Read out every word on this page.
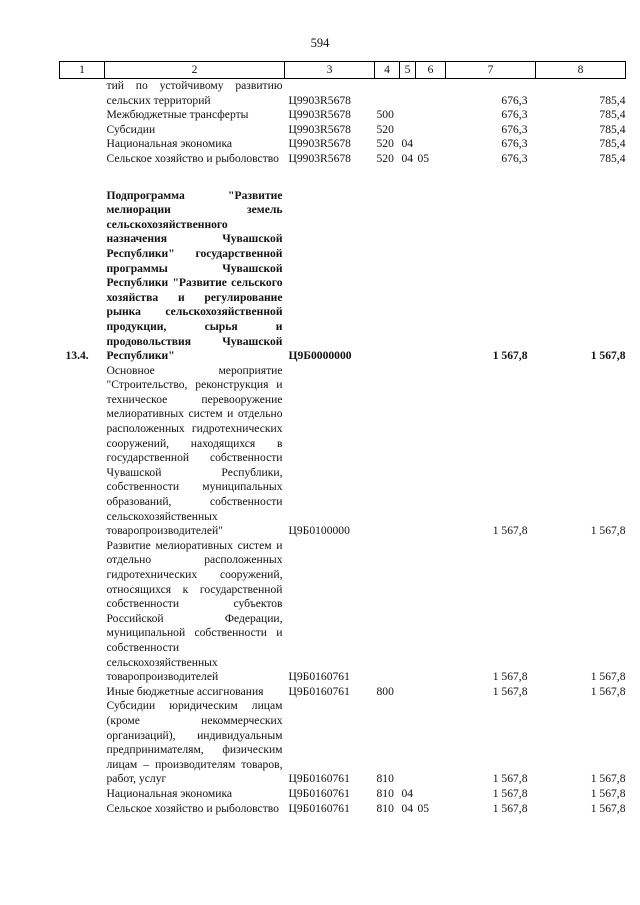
594
1	2	3	4	5	6	7	8
	тий по устойчивому развитию сельских территорий	Ц9903R5678				676,3	785,4
	Межбюджетные трансферты	Ц9903R5678	500			676,3	785,4
	Субсидии	Ц9903R5678	520			676,3	785,4
	Национальная экономика	Ц9903R5678	520	04		676,3	785,4
	Сельское хозяйство и рыболовство	Ц9903R5678	520	04	05	676,3	785,4

13.4.	Подпрограмма "Развитие мелиорации земель сельскохозяйственного назначения Чувашской Республики" государственной программы Чувашской Республики "Развитие сельского хозяйства и регулирование рынка сельскохозяйственной продукции, сырья и продовольствия Чувашской Республики"	Ц9Б0000000				1 567,8	1 567,8
	Основное мероприятие "Строительство, реконструкция и техническое перевооружение мелиоративных систем и отдельно расположенных гидротехнических сооружений, находящихся в государственной собственности Чувашской Республики, собственности муниципальных образований, собственности сельскохозяйственных товаропроизводителей"	Ц9Б0100000				1 567,8	1 567,8
	Развитие мелиоративных систем и отдельно расположенных гидротехнических сооружений, относящихся к государственной собственности субъектов Российской Федерации, муниципальной собственности и собственности сельскохозяйственных товаропроизводителей	Ц9Б0160761				1 567,8	1 567,8
	Иные бюджетные ассигнования	Ц9Б0160761	800			1 567,8	1 567,8
	Субсидии юридическим лицам (кроме некоммерческих организаций), индивидуальным предпринимателям, физическим лицам – производителям товаров, работ, услуг	Ц9Б0160761	810			1 567,8	1 567,8
	Национальная экономика	Ц9Б0160761	810	04		1 567,8	1 567,8
	Сельское хозяйство и рыболовство	Ц9Б0160761	810	04	05	1 567,8	1 567,8
